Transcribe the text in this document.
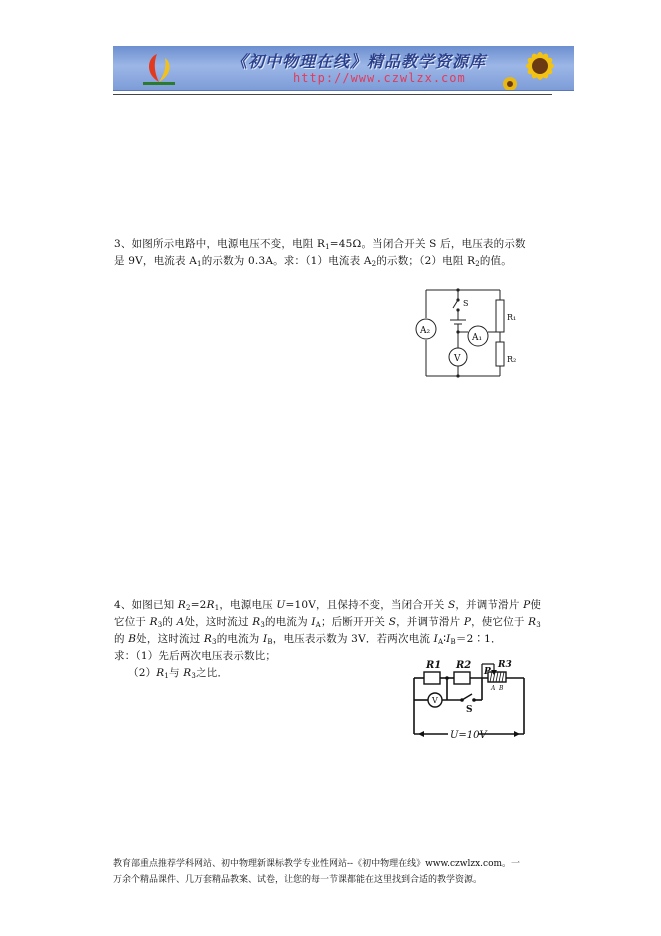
《初中物理在线》精品教学资源库
http://www.czwlzx.com
3、如图所示电路中，电源电压不变，电阻 $R_1=45\Omega$。当闭合开关 S 后，电压表的示数
是 9V，电流表 $A_1$的示数为 0.3A。求：（1）电流表 $A_2$的示数；（2）电阻 $R_2$的值。
A₂
A₁
V
S
R₁
R₂
4、如图已知 $R_2=2R_1$，电源电压 U=10V，且保持不变，当闭合开关 S，并调节滑片 P使
它位于 $R_3$的 A处，这时流过 $R_3$的电流为 $I_A$；后断开开关 S，并调节滑片 P，使它位于 $R_3$
的 B处，这时流过 $R_3$的电流为 $I_B$，电压表示数为 3V．若两次电流 $I_A∶I_B=2∶1$．
求：（1）先后两次电压表示数比；
$(2)R_1$与 $R_3$之比．
V
U=10V
R1 R2	R3
P
A B
S
教育部重点推荐学科网站、初中物理新课标教学专业性网站--《初中物理在线》www.czwlzx.com。一
万余个精品课件、几万套精品教案、试卷，让您的每一节课都能在这里找到合适的教学资源。
